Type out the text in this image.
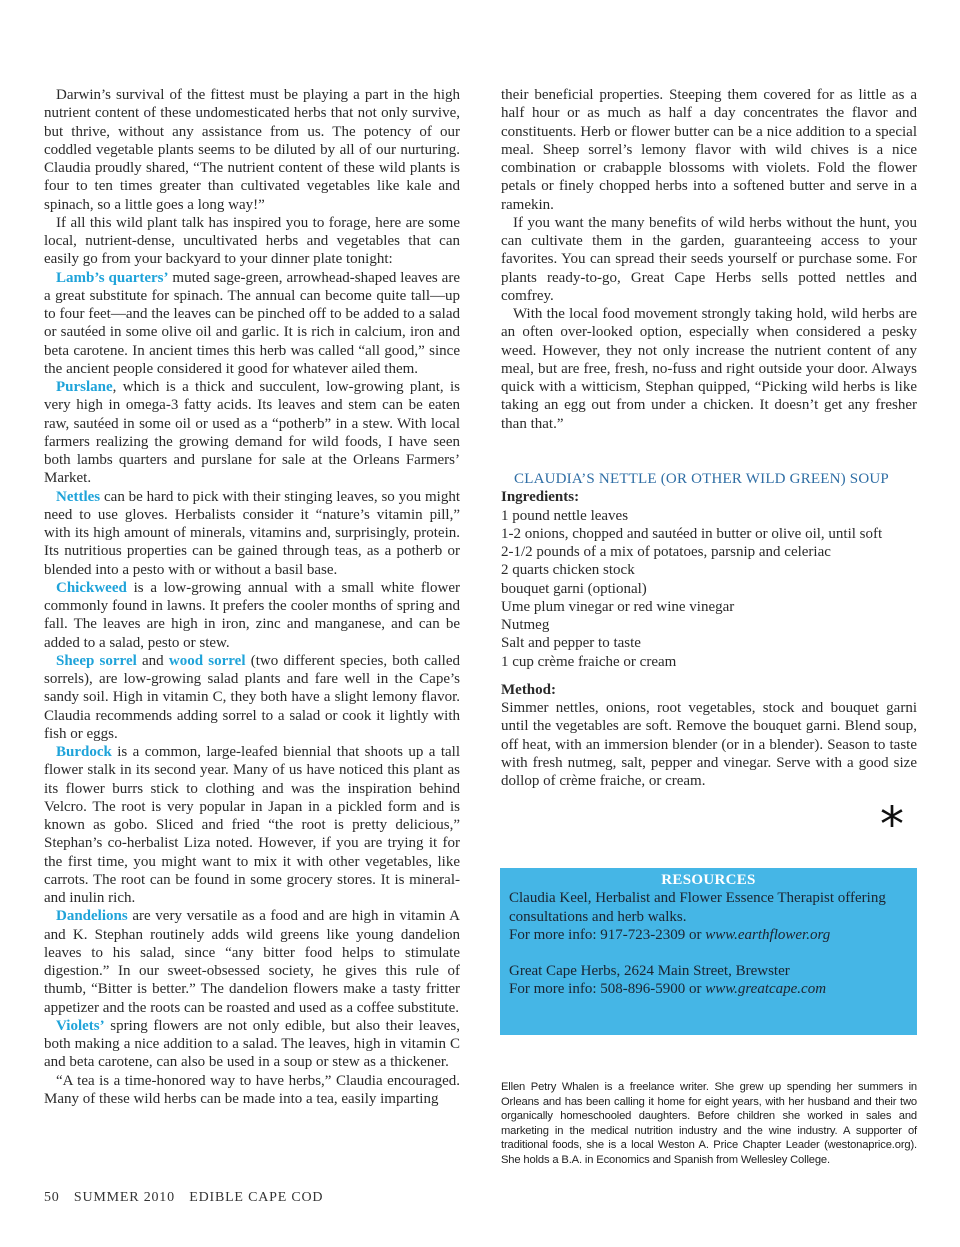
Darwin’s survival of the fittest must be playing a part in the high nutrient content of these undomesticated herbs that not only survive, but thrive, without any assistance from us. The potency of our coddled vegetable plants seems to be diluted by all of our nurturing. Claudia proudly shared, “The nutrient content of these wild plants is four to ten times greater than cultivated vegetables like kale and spinach, so a little goes a long way!”

If all this wild plant talk has inspired you to forage, here are some local, nutrient-dense, uncultivated herbs and vegetables that can easily go from your backyard to your dinner plate tonight:

Lamb’s quarters’ muted sage-green, arrowhead-shaped leaves are a great substitute for spinach. The annual can become quite tall—up to four feet—and the leaves can be pinched off to be added to a salad or sautéed in some olive oil and garlic. It is rich in calcium, iron and beta carotene. In ancient times this herb was called “all good,” since the ancient people considered it good for whatever ailed them.

Purslane, which is a thick and succulent, low-growing plant, is very high in omega-3 fatty acids. Its leaves and stem can be eaten raw, sautéed in some oil or used as a “potherb” in a stew. With local farmers realizing the growing demand for wild foods, I have seen both lambs quarters and purslane for sale at the Orleans Farmers’ Market.

Nettles can be hard to pick with their stinging leaves, so you might need to use gloves. Herbalists consider it “nature’s vitamin pill,” with its high amount of minerals, vitamins and, surprisingly, protein. Its nutritious properties can be gained through teas, as a potherb or blended into a pesto with or without a basil base.

Chickweed is a low-growing annual with a small white flower commonly found in lawns. It prefers the cooler months of spring and fall. The leaves are high in iron, zinc and manganese, and can be added to a salad, pesto or stew.

Sheep sorrel and wood sorrel (two different species, both called sorrels), are low-growing salad plants and fare well in the Cape’s sandy soil. High in vitamin C, they both have a slight lemony flavor. Claudia recommends adding sorrel to a salad or cook it lightly with fish or eggs.

Burdock is a common, large-leafed biennial that shoots up a tall flower stalk in its second year. Many of us have noticed this plant as its flower burrs stick to clothing and was the inspiration behind Velcro. The root is very popular in Japan in a pickled form and is known as gobo. Sliced and fried “the root is pretty delicious,” Stephan’s co-herbalist Liza noted. However, if you are trying it for the first time, you might want to mix it with other vegetables, like carrots. The root can be found in some grocery stores. It is mineral-and inulin rich.

Dandelions are very versatile as a food and are high in vitamin A and K. Stephan routinely adds wild greens like young dandelion leaves to his salad, since “any bitter food helps to stimulate digestion.” In our sweet-obsessed society, he gives this rule of thumb, “Bitter is better.” The dandelion flowers make a tasty fritter appetizer and the roots can be roasted and used as a coffee substitute.

Violets’ spring flowers are not only edible, but also their leaves, both making a nice addition to a salad. The leaves, high in vitamin C and beta carotene, can also be used in a soup or stew as a thickener.

“A tea is a time-honored way to have herbs,” Claudia encouraged. Many of these wild herbs can be made into a tea, easily imparting

their beneficial properties. Steeping them covered for as little as a half hour or as much as half a day concentrates the flavor and constituents. Herb or flower butter can be a nice addition to a special meal. Sheep sorrel’s lemony flavor with wild chives is a nice combination or crabapple blossoms with violets. Fold the flower petals or finely chopped herbs into a softened butter and serve in a ramekin.

If you want the many benefits of wild herbs without the hunt, you can cultivate them in the garden, guaranteeing access to your favorites. You can spread their seeds yourself or purchase some. For plants ready-to-go, Great Cape Herbs sells potted nettles and comfrey.

With the local food movement strongly taking hold, wild herbs are an often over-looked option, especially when considered a pesky weed. However, they not only increase the nutrient content of any meal, but are free, fresh, no-fuss and right outside your door. Always quick with a witticism, Stephan quipped, “Picking wild herbs is like taking an egg out from under a chicken. It doesn’t get any fresher than that.”

CLAUDIA’S NETTLE (OR OTHER WILD GREEN) SOUP

Ingredients:

1 pound nettle leaves
1-2 onions, chopped and sautéed in butter or olive oil, until soft
2-1/2 pounds of a mix of potatoes, parsnip and celeriac
2 quarts chicken stock
bouquet garni (optional)
Ume plum vinegar or red wine vinegar
Nutmeg
Salt and pepper to taste
1 cup crème fraiche or cream

Method:

Simmer nettles, onions, root vegetables, stock and bouquet garni until the vegetables are soft. Remove the bouquet garni. Blend soup, off heat, with an immersion blender (or in a blender). Season to taste with fresh nutmeg, salt, pepper and vinegar. Serve with a good size dollop of crème fraiche, or cream.

*

RESOURCES

Claudia Keel, Herbalist and Flower Essence Therapist offering consultations and herb walks.

For more info: 917-723-2309 or www.earthflower.org

Great Cape Herbs, 2624 Main Street, Brewster

For more info: 508-896-5900 or www.greatcape.com

Ellen Petry Whalen is a freelance writer. She grew up spending her summers in Orleans and has been calling it home for eight years, with her husband and their two organically homeschooled daughters. Before children she worked in sales and marketing in the medical nutrition industry and the wine industry. A supporter of traditional foods, she is a local Weston A. Price Chapter Leader (westonaprice.org). She holds a B.A. in Economics and Spanish from Wellesley College.

50 SUMMER 2010 EDIBLE CAPE COD
